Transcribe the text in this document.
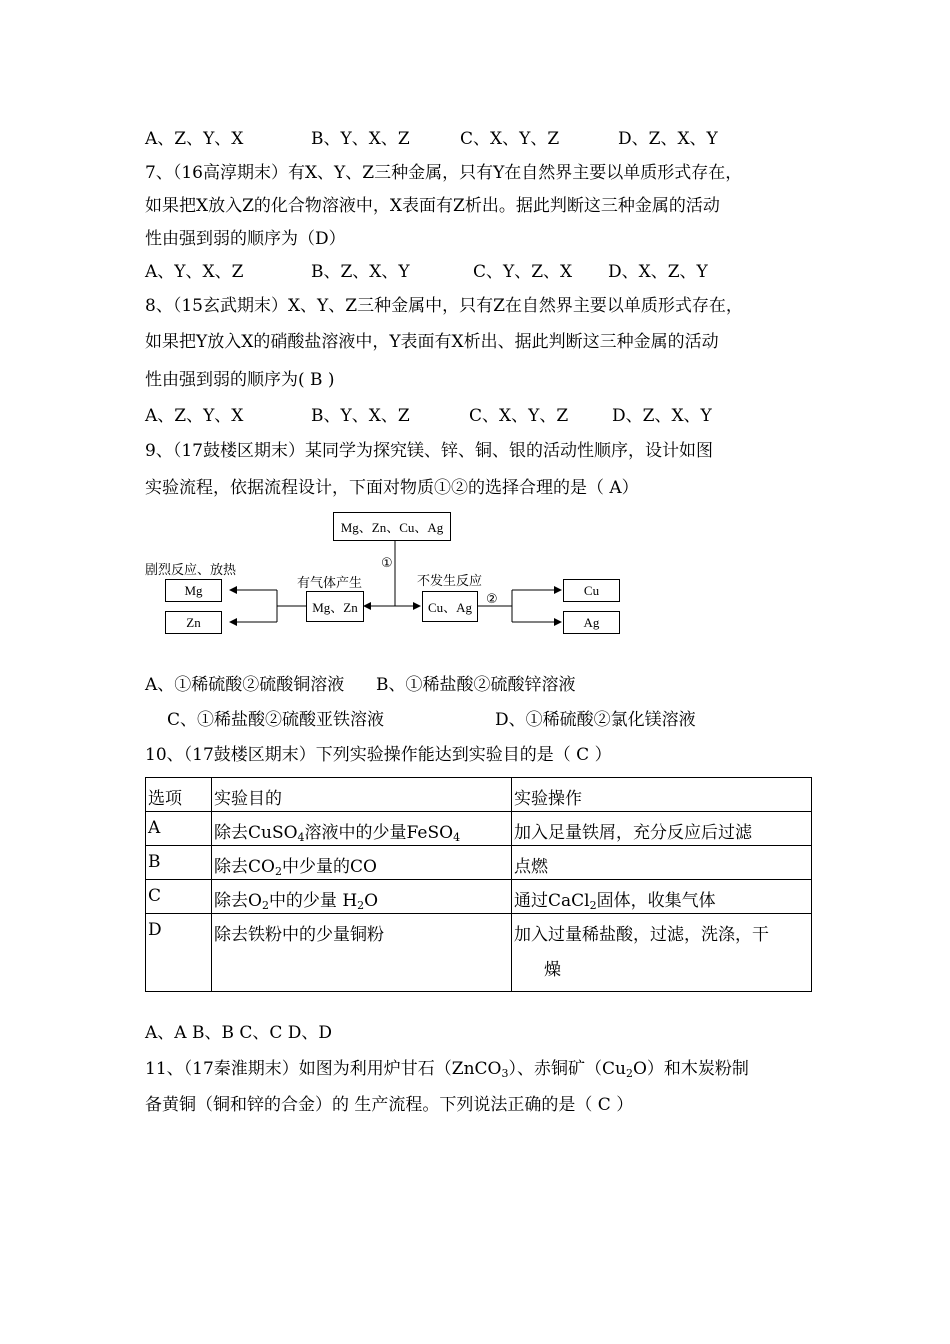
A、Z、Y、X	B、Y、X、Z	C、X、Y、Z	D、Z、X、Y
7、（16高淳期末）有X、Y、Z三种金属，只有Y在自然界主要以单质形式存在，
如果把X放入Z的化合物溶液中，X表面有Z析出。据此判断这三种金属的活动
性由强到弱的顺序为（D）
A、Y、X、Z	B、Z、X、Y	C、Y、Z、X D、X、Z、Y
8、（15玄武期末）X、Y、Z三种金属中，只有Z在自然界主要以单质形式存在，
如果把Y放入X的硝酸盐溶液中，Y表面有X析出、据此判断这三种金属的活动
性由强到弱的顺序为( B )
A、Z、Y、X	B、Y、X、Z	C、X、Y、Z	D、Z、X、Y
9、（17鼓楼区期末）某同学为探究镁、锌、铜、银的活动性顺序，设计如图
实验流程，依据流程设计，下面对物质①②的选择合理的是（ A）
Mg、Zn、Cu、Ag
①
剧烈反应、放热
有气体产生	不发生反应
Mg、Zn	Cu、Ag
②
Mg
Zn
Cu
Ag
A、①稀硫酸②硫酸铜溶液 B、①稀盐酸②硫酸锌溶液
C、①稀盐酸②硫酸亚铁溶液	D、①稀硫酸②氯化镁溶液
10、（17鼓楼区期末）下列实验操作能达到实验目的是（ C ）
选项	实验目的	实验操作
A	除去CuSO$_4$溶液中的少量FeSO$_4$	加入足量铁屑，充分反应后过滤
B	除去$CO_2$中少量的CO	点燃
C	除去$O_2$中的少量 $H_2O$	通过CaCl$_2$固体，收集气体
D	除去铁粉中的少量铜粉	加入过量稀盐酸，过滤，洗涤，干
燥
A、A B、B C、C D、D
11、（17秦淮期末）如图为利用炉甘石（ZnCO$_3$）、赤铜矿$(Cu_2O)$和木炭粉制
备黄铜（铜和锌的合金）的 生产流程。下列说法正确的是（ C ）
